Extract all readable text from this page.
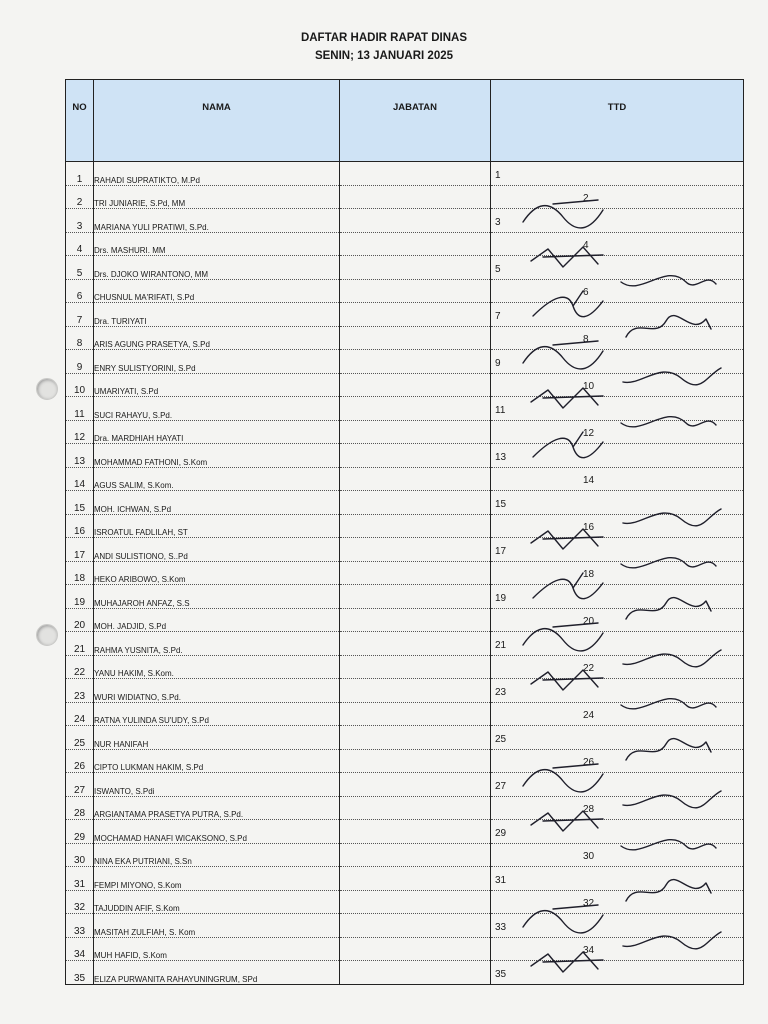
DAFTAR HADIR RAPAT DINAS
SENIN; 13 JANUARI 2025
NO	NAMA	JABATAN	TTD
1	RAHADI SUPRATIKTO, M.Pd		1

2	TRI JUNIARIE, S.Pd, MM		2

3	MARIANA YULI PRATIWI, S.Pd.		3

4	Drs. MASHURI. MM		4

5	Drs. DJOKO WIRANTONO, MM		5

6	CHUSNUL MA'RIFATI, S.Pd		6

7	Dra. TURIYATI		7

8	ARIS AGUNG PRASETYA, S.Pd		8

9	ENRY SULISTYORINI, S.Pd		9

10	UMARIYATI, S.Pd		10

11	SUCI RAHAYU, S.Pd.		11

12	Dra. MARDHIAH HAYATI		12

13	MOHAMMAD FATHONI, S.Kom		13

14	AGUS SALIM, S.Kom.		14

15	MOH. ICHWAN, S.Pd		15

16	ISROATUL FADLILAH, ST		16

17	ANDI SULISTIONO, S..Pd		17

18	HEKO ARIBOWO, S.Kom		18

19	MUHAJAROH ANFAZ, S.S		19

20	MOH. JADJID, S.Pd		20

21	RAHMA YUSNITA, S.Pd.		21

22	YANU HAKIM, S.Kom.		22

23	WURI WIDIATNO, S.Pd.		23

24	RATNA YULINDA SU'UDY, S.Pd		24

25	NUR HANIFAH		25

26	CIPTO LUKMAN HAKIM, S.Pd		26

27	ISWANTO, S.Pdi		27

28	ARGIANTAMA PRASETYA PUTRA, S.Pd.		28

29	MOCHAMAD HANAFI WICAKSONO, S.Pd		29

30	NINA EKA PUTRIANI, S.Sn		30

31	FEMPI MIYONO, S.Kom		31

32	TAJUDDIN AFIF, S.Kom		32

33	MASITAH ZULFIAH, S. Kom		33

34	MUH HAFID, S.Kom		34

35	ELIZA PURWANITA RAHAYUNINGRUM, SPd		35
